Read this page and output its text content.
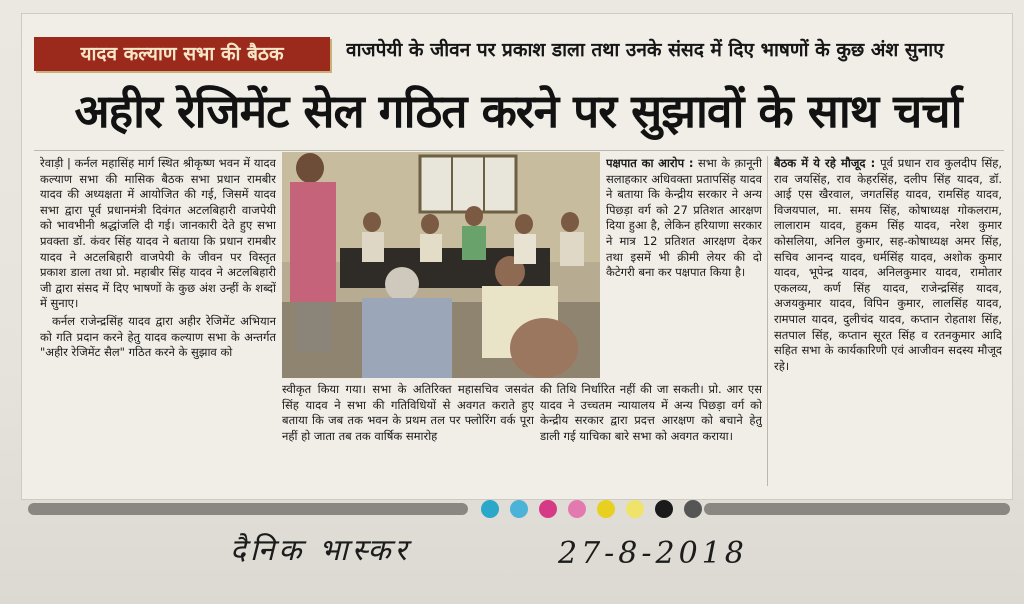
यादव कल्याण सभा की बैठक	वाजपेयी के जीवन पर प्रकाश डाला तथा उनके संसद में दिए भाषणों के कुछ अंश सुनाए
अहीर रेजिमेंट सेल गठित करने पर सुझावों के साथ चर्चा

रेवाड़ी | कर्नल महासिंह मार्ग स्थित श्रीकृष्ण भवन में यादव कल्याण सभा की मासिक बैठक सभा प्रधान रामबीर यादव की अध्यक्षता में आयोजित की गई, जिसमें यादव सभा द्वारा पूर्व प्रधानमंत्री दिवंगत अटलबिहारी वाजपेयी को भावभीनी श्रद्धांजलि दी गई। जानकारी देते हुए सभा प्रवक्ता डॉ. कंवर सिंह यादव ने बताया कि प्रधान रामबीर यादव ने अटलबिहारी वाजपेयी के जीवन पर विस्तृत प्रकाश डाला तथा प्रो. महाबीर सिंह यादव ने अटलबिहारी जी द्वारा संसद में दिए भाषणों के कुछ अंश उन्हीं के शब्दों में सुनाए।

कर्नल राजेन्द्रसिंह यादव द्वारा अहीर रेजिमेंट अभियान को गति प्रदान करने हेतु यादव कल्याण सभा के अन्तर्गत "अहीर रेजिमेंट सैल" गठित करने के सुझाव को

स्वीकृत किया गया। सभा के अतिरिक्त महासचिव जसवंत सिंह यादव ने सभा की गतिविधियों से अवगत कराते हुए बताया कि जब तक भवन के प्रथम तल पर फ्लोरिंग वर्क पूरा नहीं हो जाता तब तक वार्षिक समारोह

पक्षपात का आरोप : सभा के क़ानूनी सलाहकार अधिवक्ता प्रतापसिंह यादव ने बताया कि केन्द्रीय सरकार ने अन्य पिछड़ा वर्ग को 27 प्रतिशत आरक्षण दिया हुआ है, लेकिन हरियाणा सरकार ने मात्र 12 प्रतिशत आरक्षण देकर तथा इसमें भी क्रीमी लेयर की दो कैटेगरी बना कर पक्षपात किया है।

की तिथि निर्धारित नहीं की जा सकती। प्रो. आर एस यादव ने उच्चतम न्यायालय में अन्य पिछड़ा वर्ग को केन्द्रीय सरकार द्वारा प्रदत्त आरक्षण को बचाने हेतु डाली गई याचिका बारे सभा को अवगत कराया।

बैठक में ये रहे मौजूद : पूर्व प्रधान राव कुलदीप सिंह, राव जयसिंह, राव केहरसिंह, दलीप सिंह यादव, डॉ. आई एस खैरवाल, जगतसिंह यादव, रामसिंह यादव, विजयपाल, मा. समय सिंह, कोषाध्यक्ष गोकलराम, लालाराम यादव, हुकम सिंह यादव, नरेश कुमार कोसलिया, अनिल कुमार, सह-कोषाध्यक्ष अमर सिंह, सचिव आनन्द यादव, धर्मसिंह यादव, अशोक कुमार यादव, भूपेन्द्र यादव, अनिलकुमार यादव, रामोतार एकलव्य, कर्ण सिंह यादव, राजेन्द्रसिंह यादव, अजयकुमार यादव, विपिन कुमार, लालसिंह यादव, रामपाल यादव, दुलीचंद यादव, कप्तान रोहताश सिंह, सतपाल सिंह, कप्तान सूरत सिंह व रतनकुमार आदि सहित सभा के कार्यकारिणी एवं आजीवन सदस्य मौजूद रहे।

दैनिक भास्कर	27-8-2018
